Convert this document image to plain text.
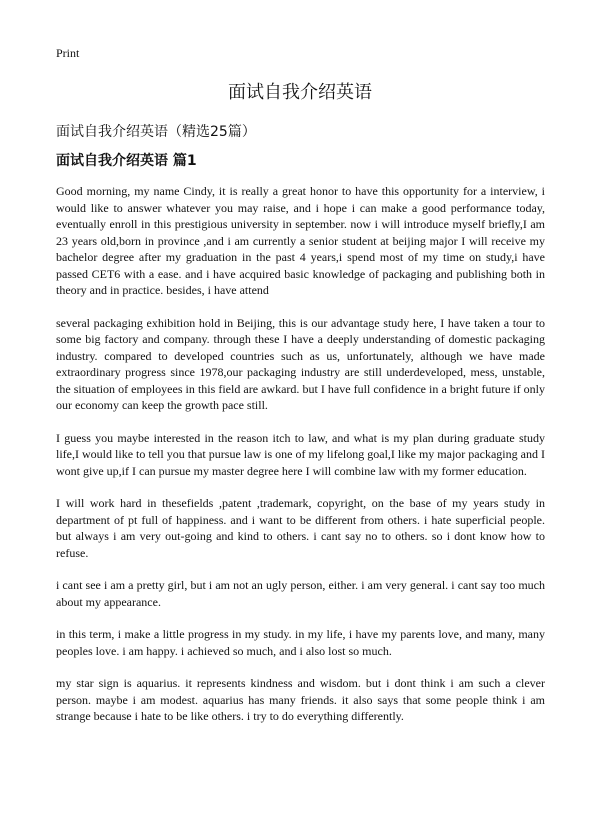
Print
面试自我介绍英语
面试自我介绍英语（精选25篇）
面试自我介绍英语 篇1

Good morning, my name Cindy, it is really a great honor to have this opportunity for a interview, i would like to answer whatever you may raise, and i hope i can make a good performance today, eventually enroll in this prestigious university in september. now i will introduce myself briefly,I am 23 years old,born in province ,and i am currently a senior student at beijing major I will receive my bachelor degree after my graduation in the past 4 years,i spend most of my time on study,i have passed CET6 with a ease. and i have acquired basic knowledge of packaging and publishing both in theory and in practice. besides, i have attend

several packaging exhibition hold in Beijing, this is our advantage study here, I have taken a tour to some big factory and company. through these I have a deeply understanding of domestic packaging industry. compared to developed countries such as us, unfortunately, although we have made extraordinary progress since 1978,our packaging industry are still underdeveloped, mess, unstable, the situation of employees in this field are awkard. but I have full confidence in a bright future if only our economy can keep the growth pace still.

I guess you maybe interested in the reason itch to law, and what is my plan during graduate study life,I would like to tell you that pursue law is one of my lifelong goal,I like my major packaging and I wont give up,if I can pursue my master degree here I will combine law with my former education.

I will work hard in thesefields ,patent ,trademark, copyright, on the base of my years study in department of pt full of happiness. and i want to be different from others. i hate superficial people. but always i am very out-going and kind to others. i cant say no to others. so i dont know how to refuse.

i cant see i am a pretty girl, but i am not an ugly person, either. i am very general. i cant say too much about my appearance.

in this term, i make a little progress in my study. in my life, i have my parents love, and many, many peoples love. i am happy. i achieved so much, and i also lost so much.

my star sign is aquarius. it represents kindness and wisdom. but i dont think i am such a clever person. maybe i am modest. aquarius has many friends. it also says that some people think i am strange because i hate to be like others. i try to do everything differently.
